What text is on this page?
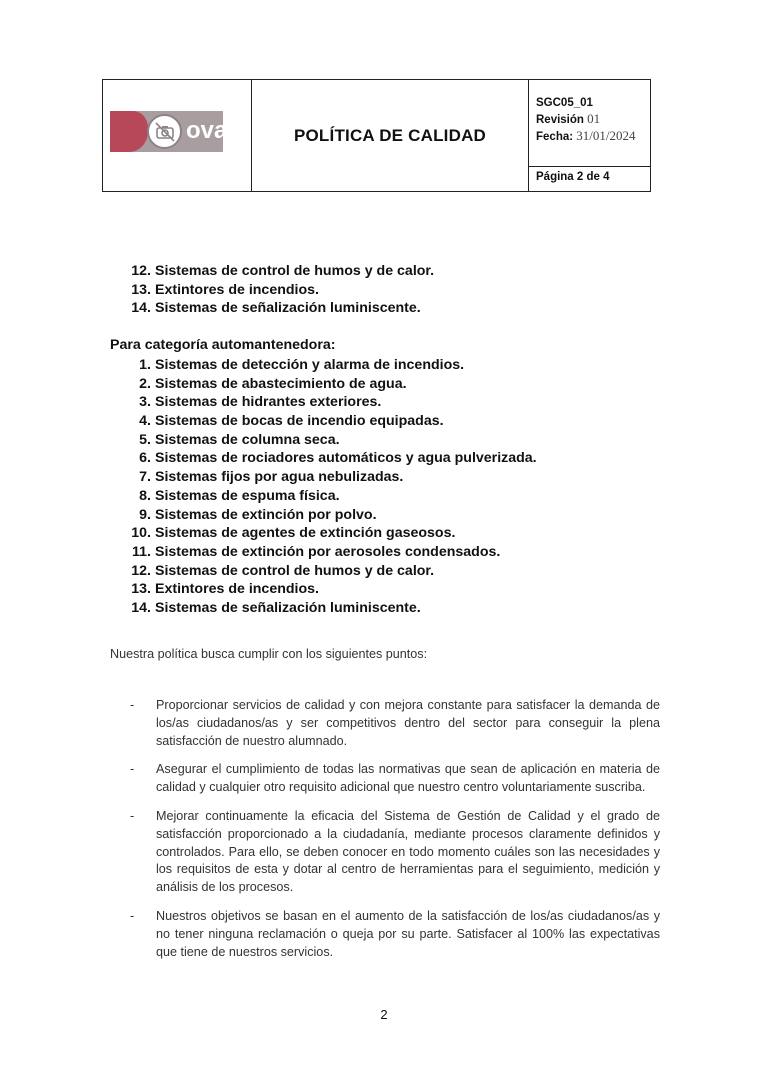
ova	POLÍTICA DE CALIDAD
SGC05_01
Revisión 01
Fecha: 31/01/2024
Página 2 de 4
12. Sistemas de control de humos y de calor.
13. Extintores de incendios.
14. Sistemas de señalización luminiscente.
Para categoría automantenedora:
1. Sistemas de detección y alarma de incendios.
2. Sistemas de abastecimiento de agua.
3. Sistemas de hidrantes exteriores.
4. Sistemas de bocas de incendio equipadas.
5. Sistemas de columna seca.
6. Sistemas de rociadores automáticos y agua pulverizada.
7. Sistemas fijos por agua nebulizadas.
8. Sistemas de espuma física.
9. Sistemas de extinción por polvo.
10. Sistemas de agentes de extinción gaseosos.
11. Sistemas de extinción por aerosoles condensados.
12. Sistemas de control de humos y de calor.
13. Extintores de incendios.
14. Sistemas de señalización luminiscente.
Nuestra política busca cumplir con los siguientes puntos:
-	Proporcionar servicios de calidad y con mejora constante para satisfacer la demanda de los/as ciudadanos/as y ser competitivos dentro del sector para conseguir la plena satisfacción de nuestro alumnado.
-	Asegurar el cumplimiento de todas las normativas que sean de aplicación en materia de calidad y cualquier otro requisito adicional que nuestro centro voluntariamente suscriba.
-	Mejorar continuamente la eficacia del Sistema de Gestión de Calidad y el grado de satisfacción proporcionado a la ciudadanía, mediante procesos claramente definidos y controlados. Para ello, se deben conocer en todo momento cuáles son las necesidades y los requisitos de esta y dotar al centro de herramientas para el seguimiento, medición y análisis de los procesos.
-	Nuestros objetivos se basan en el aumento de la satisfacción de los/as ciudadanos/as y no tener ninguna reclamación o queja por su parte. Satisfacer al 100% las expectativas que tiene de nuestros servicios.
2
